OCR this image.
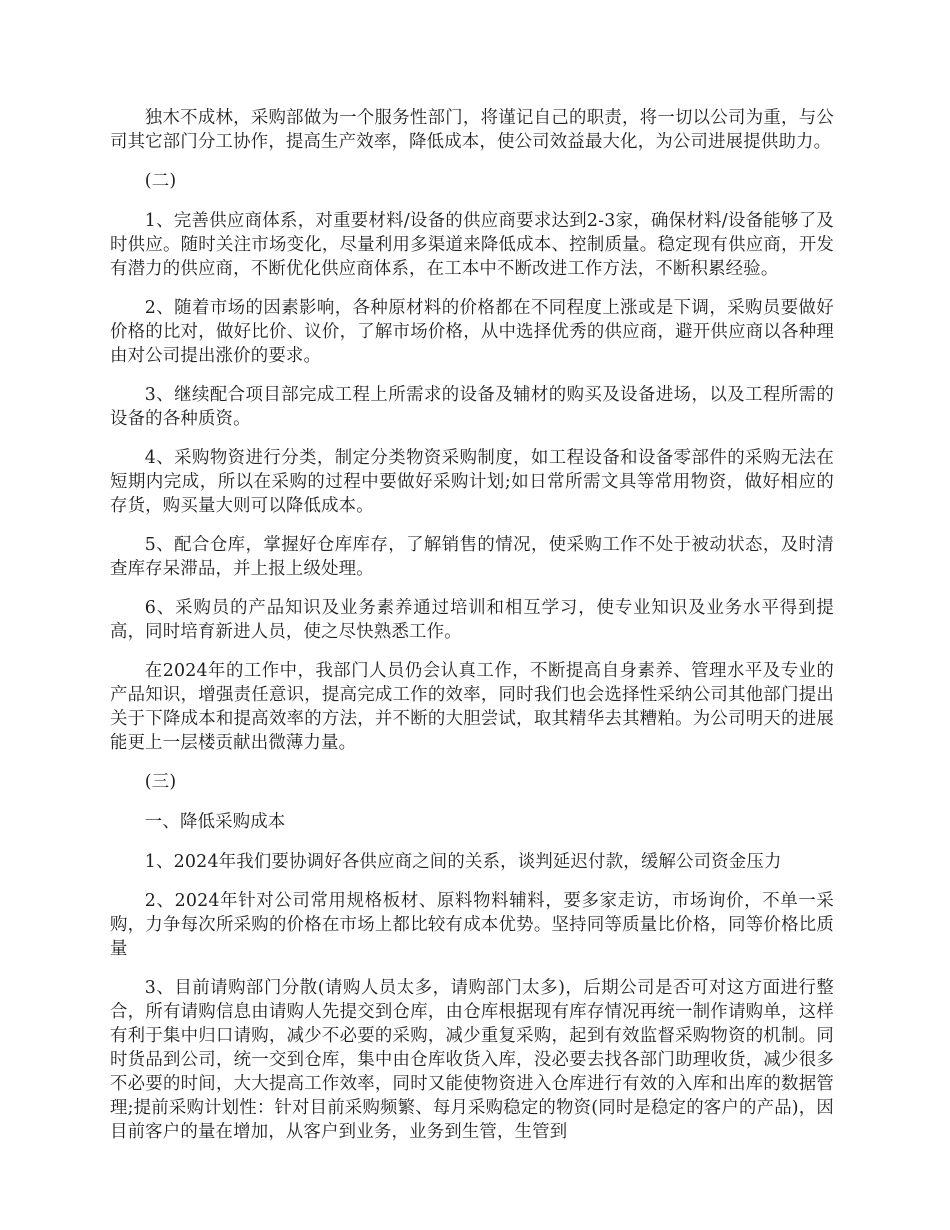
独木不成林，采购部做为一个服务性部门，将谨记自己的职责，将一切以公司为重，与公司其它部门分工协作，提高生产效率，降低成本，使公司效益最大化，为公司进展提供助力。

(二)

1、完善供应商体系，对重要材料/设备的供应商要求达到2-3家，确保材料/设备能够了及时供应。随时关注市场变化，尽量利用多渠道来降低成本、控制质量。稳定现有供应商，开发有潜力的供应商，不断优化供应商体系，在工本中不断改进工作方法，不断积累经验。

2、随着市场的因素影响，各种原材料的价格都在不同程度上涨或是下调，采购员要做好价格的比对，做好比价、议价，了解市场价格，从中选择优秀的供应商，避开供应商以各种理由对公司提出涨价的要求。

3、继续配合项目部完成工程上所需求的设备及辅材的购买及设备进场，以及工程所需的设备的各种质资。

4、采购物资进行分类，制定分类物资采购制度，如工程设备和设备零部件的采购无法在短期内完成，所以在采购的过程中要做好采购计划;如日常所需文具等常用物资，做好相应的存货，购买量大则可以降低成本。

5、配合仓库，掌握好仓库库存，了解销售的情况，使采购工作不处于被动状态，及时清查库存呆滞品，并上报上级处理。

6、采购员的产品知识及业务素养通过培训和相互学习，使专业知识及业务水平得到提高，同时培育新进人员，使之尽快熟悉工作。

在2024年的工作中，我部门人员仍会认真工作，不断提高自身素养、管理水平及专业的产品知识，增强责任意识，提高完成工作的效率，同时我们也会选择性采纳公司其他部门提出关于下降成本和提高效率的方法，并不断的大胆尝试，取其精华去其糟粕。为公司明天的进展能更上一层楼贡献出微薄力量。

(三)

一、降低采购成本

1、2024年我们要协调好各供应商之间的关系，谈判延迟付款，缓解公司资金压力

2、2024年针对公司常用规格板材、原料物料辅料，要多家走访，市场询价，不单一采购，力争每次所采购的价格在市场上都比较有成本优势。坚持同等质量比价格，同等价格比质量

3、目前请购部门分散(请购人员太多，请购部门太多)，后期公司是否可对这方面进行整合，所有请购信息由请购人先提交到仓库，由仓库根据现有库存情况再统一制作请购单，这样有利于集中归口请购，减少不必要的采购，减少重复采购，起到有效监督采购物资的机制。同时货品到公司，统一交到仓库，集中由仓库收货入库，没必要去找各部门助理收货，减少很多不必要的时间，大大提高工作效率，同时又能使物资进入仓库进行有效的入库和出库的数据管理;提前采购计划性：针对目前采购频繁、每月采购稳定的物资(同时是稳定的客户的产品)，因目前客户的量在增加，从客户到业务，业务到生管，生管到
